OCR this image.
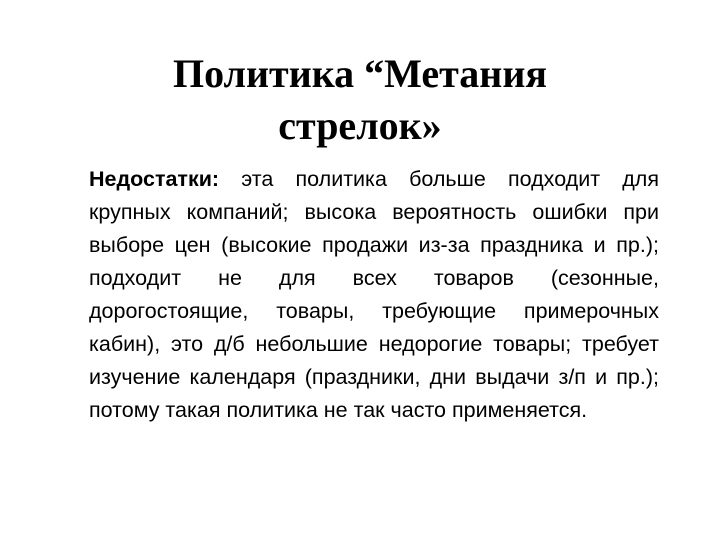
Политика “Метания
стрелок»

Недостатки: эта политика больше подходит для крупных компаний; высока вероятность ошибки при выборе цен (высокие продажи из-за праздника и пр.); подходит не для всех товаров (сезонные, дорогостоящие, товары, требующие примерочных кабин), это д/б небольшие недорогие товары; требует изучение календаря (праздники, дни выдачи з/п и пр.); потому такая политика не так часто применяется.
